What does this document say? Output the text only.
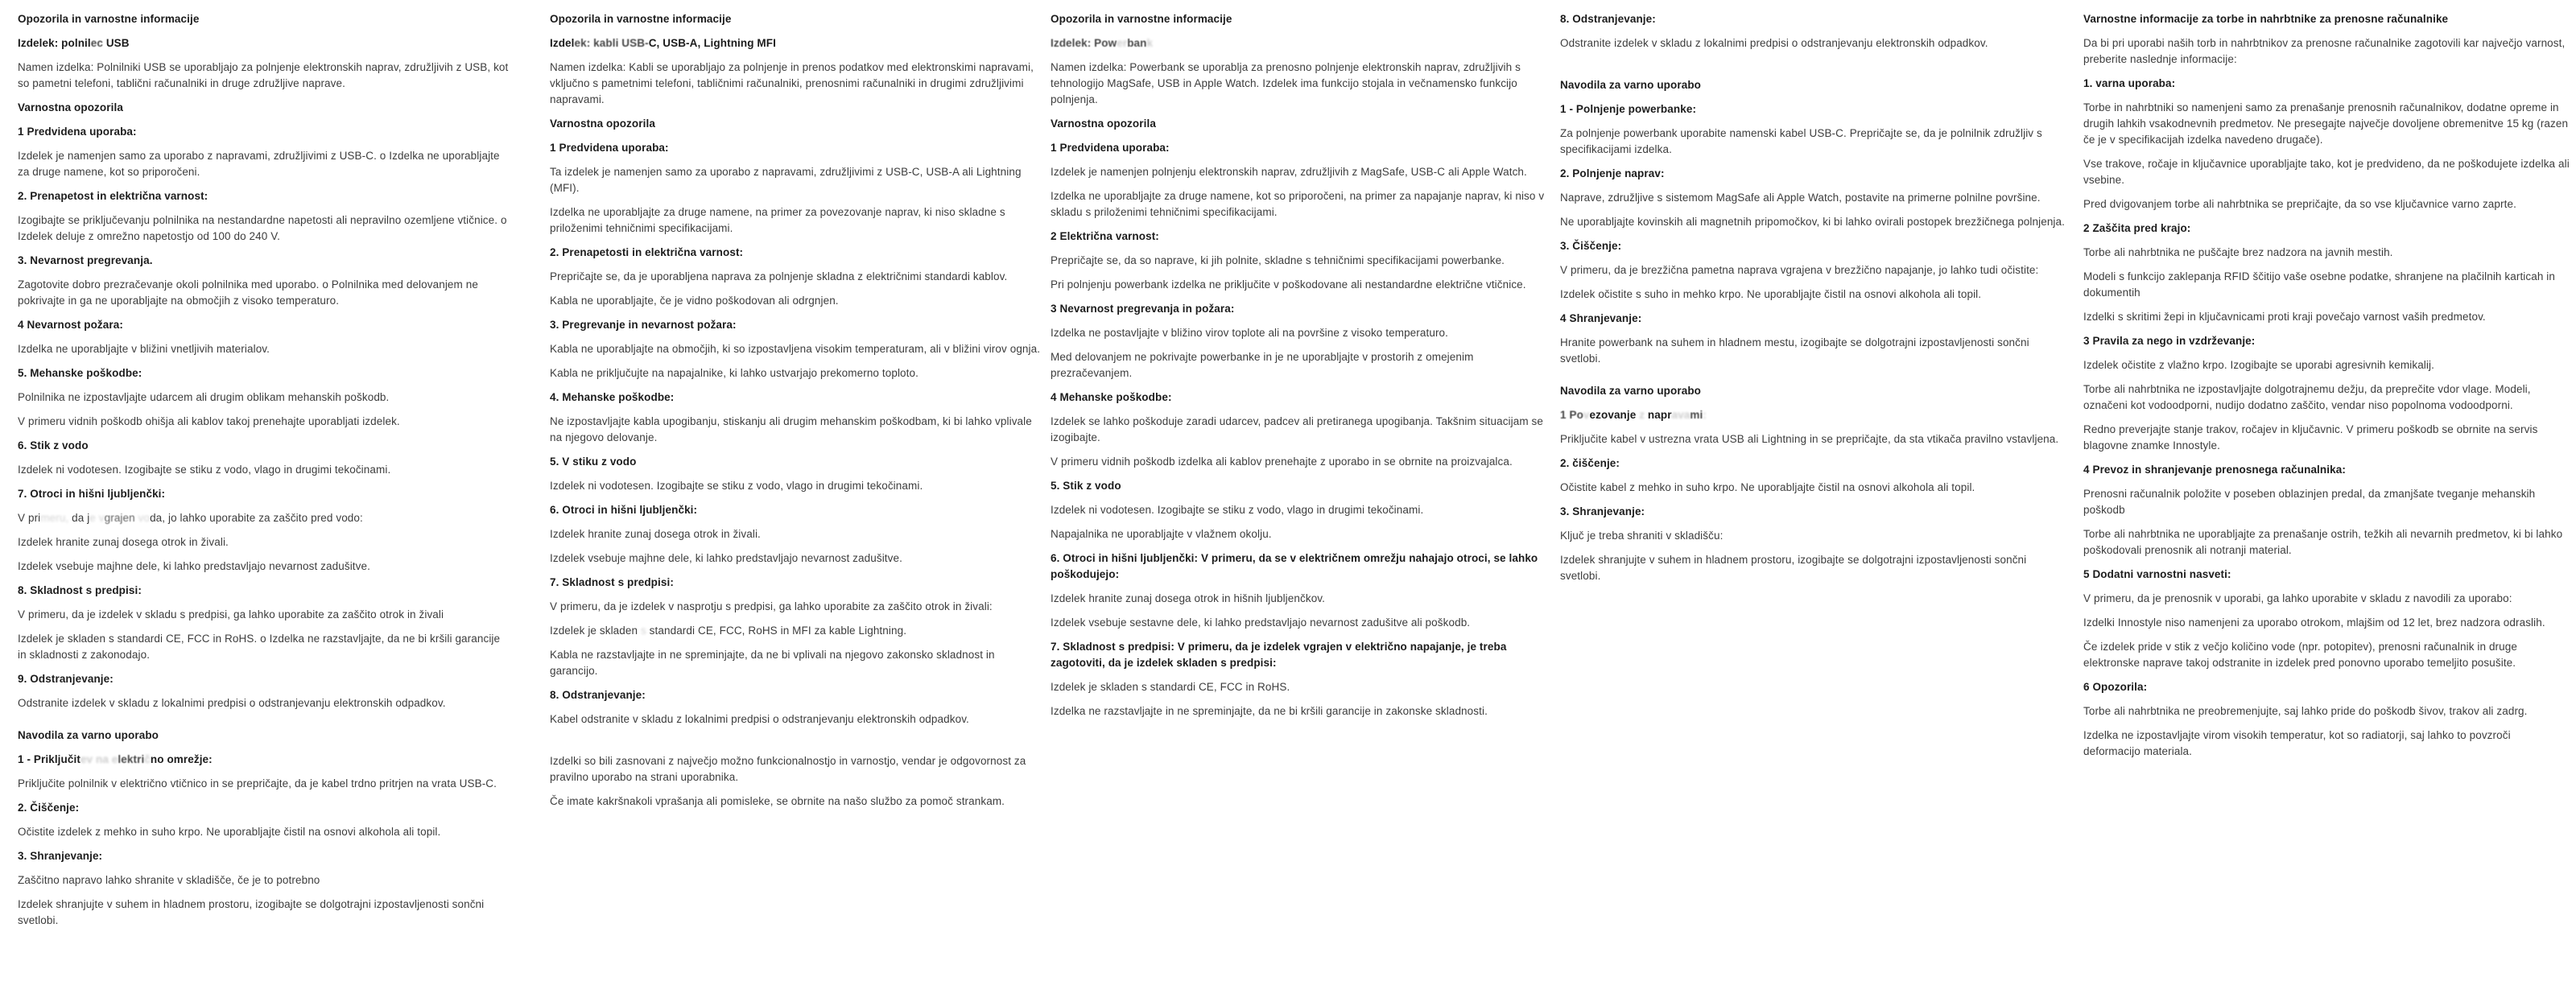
Opozorila in varnostne informacije
Izdelek: polnilec USB

Namen izdelka: Polnilniki USB se uporabljajo za polnjenje elektronskih naprav, združljivih z USB, kot so pametni telefoni, tablični računalniki in druge združljive naprave.

Varnostna opozorila
1 Predvidena uporaba:

Izdelek je namenjen samo za uporabo z napravami, združljivimi z USB-C. o Izdelka ne uporabljajte za druge namene, kot so priporočeni.

2. Prenapetost in električna varnost:

Izogibajte se priključevanju polnilnika na nestandardne napetosti ali nepravilno ozemljene vtičnice. o Izdelek deluje z omrežno napetostjo od 100 do 240 V.

3. Nevarnost pregrevanja.

Zagotovite dobro prezračevanje okoli polnilnika med uporabo. o Polnilnika med delovanjem ne pokrivajte in ga ne uporabljajte na območjih z visoko temperaturo.

4 Nevarnost požara:

Izdelka ne uporabljajte v bližini vnetljivih materialov.

5. Mehanske poškodbe:

Polnilnika ne izpostavljajte udarcem ali drugim oblikam mehanskih poškodb.

V primeru vidnih poškodb ohišja ali kablov takoj prenehajte uporabljati izdelek.

6. Stik z vodo

Izdelek ni vodotesen. Izogibajte se stiku z vodo, vlago in drugimi tekočinami.

7. Otroci in hišni ljubljenčki:

V primeru, da je vgrajen voda, jo lahko uporabite za zaščito pred vodo:

Izdelek hranite zunaj dosega otrok in živali.

Izdelek vsebuje majhne dele, ki lahko predstavljajo nevarnost zadušitve.

8. Skladnost s predpisi:

V primeru, da je izdelek v skladu s predpisi, ga lahko uporabite za zaščito otrok in živali

Izdelek je skladen s standardi CE, FCC in RoHS. o Izdelka ne razstavljajte, da ne bi kršili garancije in skladnosti z zakonodajo.

9. Odstranjevanje:

Odstranite izdelek v skladu z lokalnimi predpisi o odstranjevanju elektronskih odpadkov.

Navodila za varno uporabo
1 - Priključitev na električno omrežje:

Priključite polnilnik v električno vtičnico in se prepričajte, da je kabel trdno pritrjen na vrata USB-C.

2. Čiščenje:

Očistite izdelek z mehko in suho krpo. Ne uporabljajte čistil na osnovi alkohola ali topil.

3. Shranjevanje:

Zaščitno napravo lahko shranite v skladišče, če je to potrebno

Izdelek shranjujte v suhem in hladnem prostoru, izogibajte se dolgotrajni izpostavljenosti sončni svetlobi.

Opozorila in varnostne informacije
Izdelek: kabli USB-C, USB-A, Lightning MFI

Namen izdelka: Kabli se uporabljajo za polnjenje in prenos podatkov med elektronskimi napravami, vključno s pametnimi telefoni, tabličnimi računalniki, prenosnimi računalniki in drugimi združljivimi napravami.

Varnostna opozorila
1 Predvidena uporaba:

Ta izdelek je namenjen samo za uporabo z napravami, združljivimi z USB-C, USB-A ali Lightning (MFI).

Izdelka ne uporabljajte za druge namene, na primer za povezovanje naprav, ki niso skladne s priloženimi tehničnimi specifikacijami.

2. Prenapetosti in električna varnost:

Prepričajte se, da je uporabljena naprava za polnjenje skladna z električnimi standardi kablov.

Kabla ne uporabljajte, če je vidno poškodovan ali odrgnjen.

3. Pregrevanje in nevarnost požara:

Kabla ne uporabljajte na območjih, ki so izpostavljena visokim temperaturam, ali v bližini virov ognja.

Kabla ne priključujte na napajalnike, ki lahko ustvarjajo prekomerno toploto.

4. Mehanske poškodbe:

Ne izpostavljajte kabla upogibanju, stiskanju ali drugim mehanskim poškodbam, ki bi lahko vplivale na njegovo delovanje.

5. V stiku z vodo

Izdelek ni vodotesen. Izogibajte se stiku z vodo, vlago in drugimi tekočinami.

6. Otroci in hišni ljubljenčki:

Izdelek hranite zunaj dosega otrok in živali.

Izdelek vsebuje majhne dele, ki lahko predstavljajo nevarnost zadušitve.

7. Skladnost s predpisi:

V primeru, da je izdelek v nasprotju s predpisi, ga lahko uporabite za zaščito otrok in živali:

Izdelek je skladen s standardi CE, FCC, RoHS in MFI za kable Lightning.

Kabla ne razstavljajte in ne spreminjajte, da ne bi vplivali na njegovo zakonsko skladnost in garancijo.

8. Odstranjevanje:

Kabel odstranite v skladu z lokalnimi predpisi o odstranjevanju elektronskih odpadkov.

Izdelki so bili zasnovani z največjo možno funkcionalnostjo in varnostjo, vendar je odgovornost za pravilno uporabo na strani uporabnika.

Če imate kakršnakoli vprašanja ali pomisleke, se obrnite na našo službo za pomoč strankam.

Opozorila in varnostne informacije
Izdelek: Powerbank

Namen izdelka: Powerbank se uporablja za prenosno polnjenje elektronskih naprav, združljivih s tehnologijo MagSafe, USB in Apple Watch. Izdelek ima funkcijo stojala in večnamensko funkcijo polnjenja.

Varnostna opozorila
1 Predvidena uporaba:

Izdelek je namenjen polnjenju elektronskih naprav, združljivih z MagSafe, USB-C ali Apple Watch.

Izdelka ne uporabljajte za druge namene, kot so priporočeni, na primer za napajanje naprav, ki niso v skladu s priloženimi tehničnimi specifikacijami.

2 Električna varnost:

Prepričajte se, da so naprave, ki jih polnite, skladne s tehničnimi specifikacijami powerbanke.

Pri polnjenju powerbank izdelka ne priključite v poškodovane ali nestandardne električne vtičnice.

3 Nevarnost pregrevanja in požara:

Izdelka ne postavljajte v bližino virov toplote ali na površine z visoko temperaturo.

Med delovanjem ne pokrivajte powerbanke in je ne uporabljajte v prostorih z omejenim prezračevanjem.

4 Mehanske poškodbe:

Izdelek se lahko poškoduje zaradi udarcev, padcev ali pretiranega upogibanja. Takšnim situacijam se izogibajte.

V primeru vidnih poškodb izdelka ali kablov prenehajte z uporabo in se obrnite na proizvajalca.

5. Stik z vodo

Izdelek ni vodotesen. Izogibajte se stiku z vodo, vlago in drugimi tekočinami.

Napajalnika ne uporabljajte v vlažnem okolju.

6. Otroci in hišni ljubljenčki: V primeru, da se v električnem omrežju nahajajo otroci, se lahko poškodujejo:

Izdelek hranite zunaj dosega otrok in hišnih ljubljenčkov.

Izdelek vsebuje sestavne dele, ki lahko predstavljajo nevarnost zadušitve ali poškodb.

7. Skladnost s predpisi: V primeru, da je izdelek vgrajen v električno napajanje, je treba zagotoviti, da je izdelek skladen s predpisi:

Izdelek je skladen s standardi CE, FCC in RoHS.

Izdelka ne razstavljajte in ne spreminjajte, da ne bi kršili garancije in zakonske skladnosti.

8. Odstranjevanje:

Odstranite izdelek v skladu z lokalnimi predpisi o odstranjevanju elektronskih odpadkov.

Navodila za varno uporabo
1 - Polnjenje powerbanke:

Za polnjenje powerbank uporabite namenski kabel USB-C. Prepričajte se, da je polnilnik združljiv s specifikacijami izdelka.

2. Polnjenje naprav:

Naprave, združljive s sistemom MagSafe ali Apple Watch, postavite na primerne polnilne površine.

Ne uporabljajte kovinskih ali magnetnih pripomočkov, ki bi lahko ovirali postopek brezžičnega polnjenja.

3. Čiščenje:

V primeru, da je brezžična pametna naprava vgrajena v brezžično napajanje, jo lahko tudi očistite:

Izdelek očistite s suho in mehko krpo. Ne uporabljajte čistil na osnovi alkohola ali topil.

4 Shranjevanje:

Hranite powerbank na suhem in hladnem mestu, izogibajte se dolgotrajni izpostavljenosti sončni svetlobi.

Navodila za varno uporabo
1 Povezovanje z napravami:

Priključite kabel v ustrezna vrata USB ali Lightning in se prepričajte, da sta vtikača pravilno vstavljena.

2. čiščenje:

Očistite kabel z mehko in suho krpo. Ne uporabljajte čistil na osnovi alkohola ali topil.

3. Shranjevanje:

Ključ je treba shraniti v skladišču:

Izdelek shranjujte v suhem in hladnem prostoru, izogibajte se dolgotrajni izpostavljenosti sončni svetlobi.

Varnostne informacije za torbe in nahrbtnike za prenosne računalnike

Da bi pri uporabi naših torb in nahrbtnikov za prenosne računalnike zagotovili kar največjo varnost, preberite naslednje informacije:

1. varna uporaba:

Torbe in nahrbtniki so namenjeni samo za prenašanje prenosnih računalnikov, dodatne opreme in drugih lahkih vsakodnevnih predmetov. Ne presegajte največje dovoljene obremenitve 15 kg (razen če je v specifikacijah izdelka navedeno drugače).

Vse trakove, ročaje in ključavnice uporabljajte tako, kot je predvideno, da ne poškodujete izdelka ali vsebine.

Pred dvigovanjem torbe ali nahrbtnika se prepričajte, da so vse ključavnice varno zaprte.

2 Zaščita pred krajo:

Torbe ali nahrbtnika ne puščajte brez nadzora na javnih mestih.

Modeli s funkcijo zaklepanja RFID ščitijo vaše osebne podatke, shranjene na plačilnih karticah in dokumentih

Izdelki s skritimi žepi in ključavnicami proti kraji povečajo varnost vaših predmetov.

3 Pravila za nego in vzdrževanje:

Izdelek očistite z vlažno krpo. Izogibajte se uporabi agresivnih kemikalij.

Torbe ali nahrbtnika ne izpostavljajte dolgotrajnemu dežju, da preprečite vdor vlage. Modeli, označeni kot vodoodporni, nudijo dodatno zaščito, vendar niso popolnoma vodoodporni.

Redno preverjajte stanje trakov, ročajev in ključavnic. V primeru poškodb se obrnite na servis blagovne znamke Innostyle.

4 Prevoz in shranjevanje prenosnega računalnika:

Prenosni računalnik položite v poseben oblazinjen predal, da zmanjšate tveganje mehanskih poškodb

Torbe ali nahrbtnika ne uporabljajte za prenašanje ostrih, težkih ali nevarnih predmetov, ki bi lahko poškodovali prenosnik ali notranji material.

5 Dodatni varnostni nasveti:

V primeru, da je prenosnik v uporabi, ga lahko uporabite v skladu z navodili za uporabo:

Izdelki Innostyle niso namenjeni za uporabo otrokom, mlajšim od 12 let, brez nadzora odraslih.

Če izdelek pride v stik z večjo količino vode (npr. potopitev), prenosni računalnik in druge elektronske naprave takoj odstranite in izdelek pred ponovno uporabo temeljito posušite.

6 Opozorila:

Torbe ali nahrbtnika ne preobremenjujte, saj lahko pride do poškodb šivov, trakov ali zadrg.

Izdelka ne izpostavljajte virom visokih temperatur, kot so radiatorji, saj lahko to povzroči deformacijo materiala.
